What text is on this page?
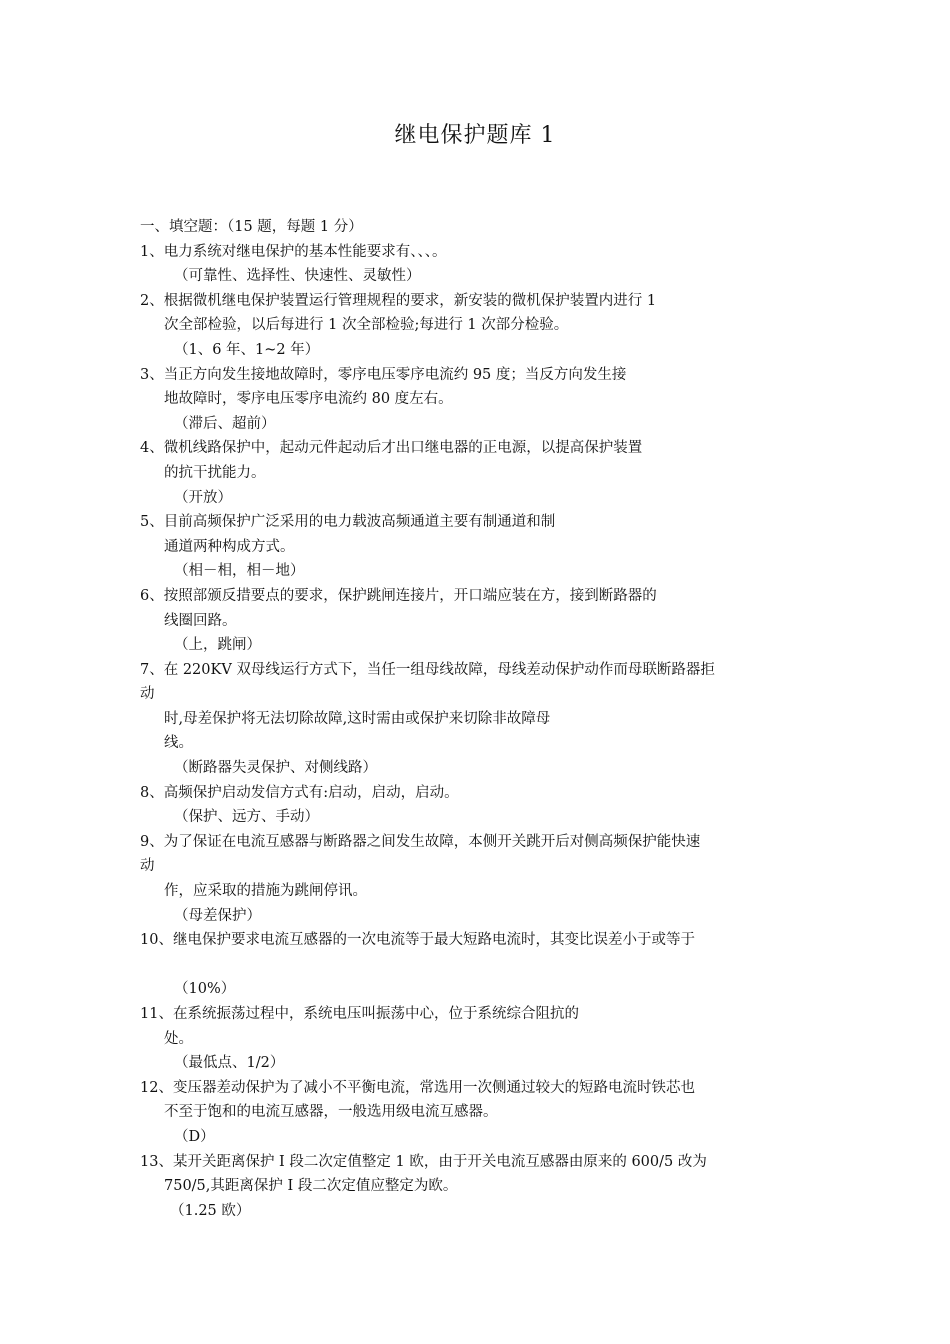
继电保护题库 1
一、填空题：（15 题，每题 1 分）
1、电力系统对继电保护的基本性能要求有、、、。
（可靠性、选择性、快速性、灵敏性）
2、根据微机继电保护装置运行管理规程的要求，新安装的微机保护装置内进行 1
次全部检验，以后每进行 1 次全部检验;每进行 1 次部分检验。
（1、6 年、1~2 年）
3、当正方向发生接地故障时，零序电压零序电流约 95 度；当反方向发生接
地故障时，零序电压零序电流约 80 度左右。
（滞后、超前）
4、微机线路保护中，起动元件起动后才出口继电器的正电源，以提高保护装置
的抗干扰能力。
（开放）
5、目前高频保护广泛采用的电力载波高频通道主要有制通道和制
通道两种构成方式。
（相－相，相－地）
6、按照部颁反措要点的要求，保护跳闸连接片，开口端应装在方，接到断路器的
线圈回路。
（上，跳闸）
7、在 220KV 双母线运行方式下，当任一组母线故障，母线差动保护动作而母联断路器拒
动
时,母差保护将无法切除故障,这时需由或保护来切除非故障母
线。
（断路器失灵保护、对侧线路）
8、高频保护启动发信方式有:启动，启动，启动。
（保护、远方、手动）
9、为了保证在电流互感器与断路器之间发生故障，本侧开关跳开后对侧高频保护能快速
动
作，应采取的措施为跳闸停讯。
（母差保护）
10、继电保护要求电流互感器的一次电流等于最大短路电流时，其变比误差小于或等于
（10%）
11、在系统振荡过程中，系统电压叫振荡中心，位于系统综合阻抗的
处。
（最低点、1/2）
12、变压器差动保护为了减小不平衡电流，常选用一次侧通过较大的短路电流时铁芯也
不至于饱和的电流互感器，一般选用级电流互感器。
（D）
13、某开关距离保护 I 段二次定值整定 1 欧，由于开关电流互感器由原来的 600/5 改为
750/5,其距离保护 I 段二次定值应整定为欧。
（1.25 欧）
